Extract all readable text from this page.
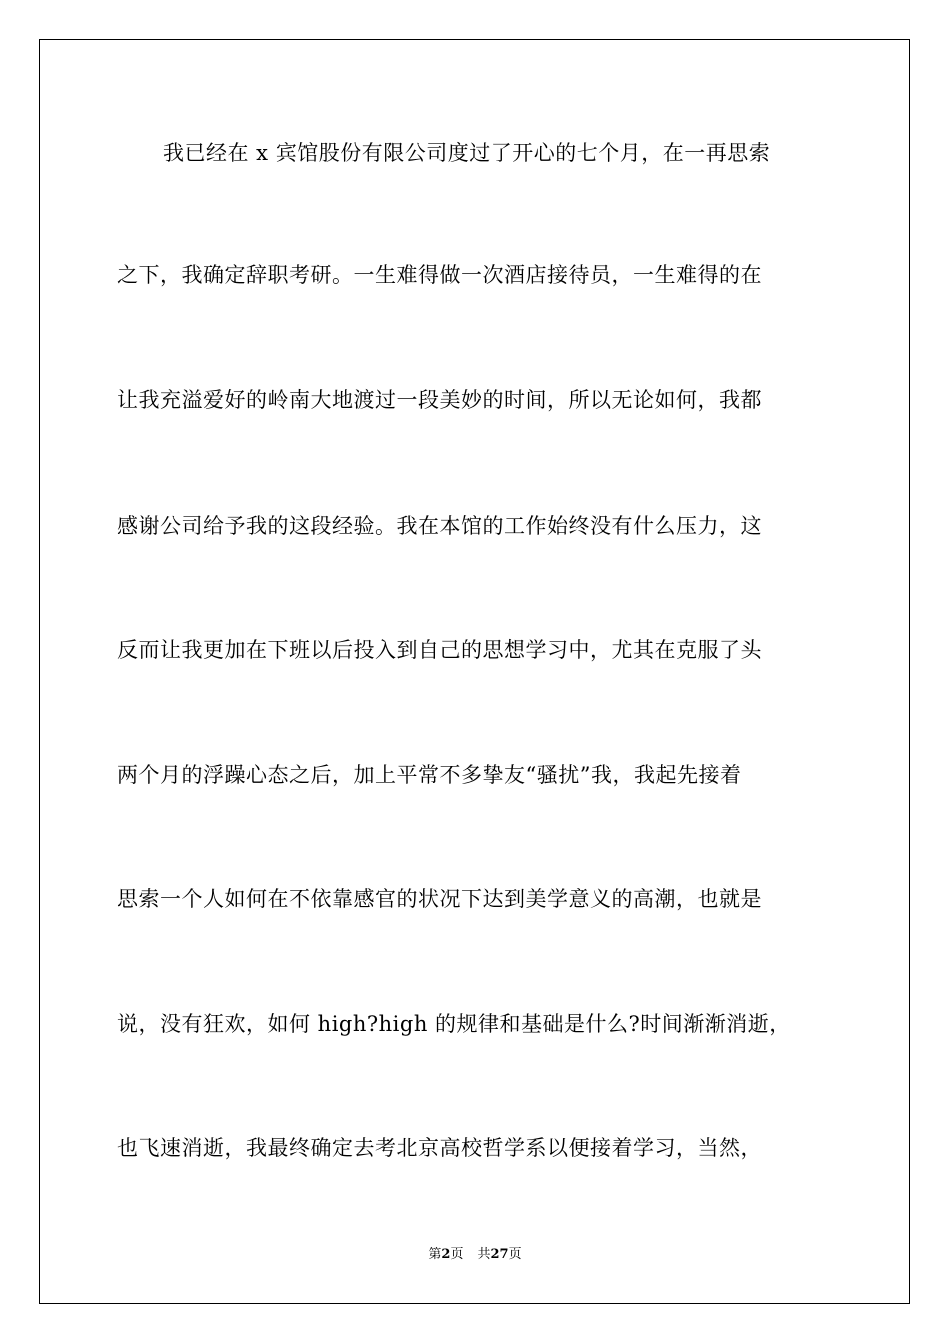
我已经在 x 宾馆股份有限公司度过了开心的七个月，在一再思索
之下，我确定辞职考研。一生难得做一次酒店接待员，一生难得的在
让我充溢爱好的岭南大地渡过一段美妙的时间，所以无论如何，我都
感谢公司给予我的这段经验。我在本馆的工作始终没有什么压力，这
反而让我更加在下班以后投入到自己的思想学习中，尤其在克服了头
两个月的浮躁心态之后，加上平常不多挚友“骚扰”我，我起先接着
思索一个人如何在不依靠感官的状况下达到美学意义的高潮，也就是
说，没有狂欢，如何 high?high 的规律和基础是什么?时间渐渐消逝，
也飞速消逝，我最终确定去考北京高校哲学系以便接着学习，当然，
第2页 共27页
